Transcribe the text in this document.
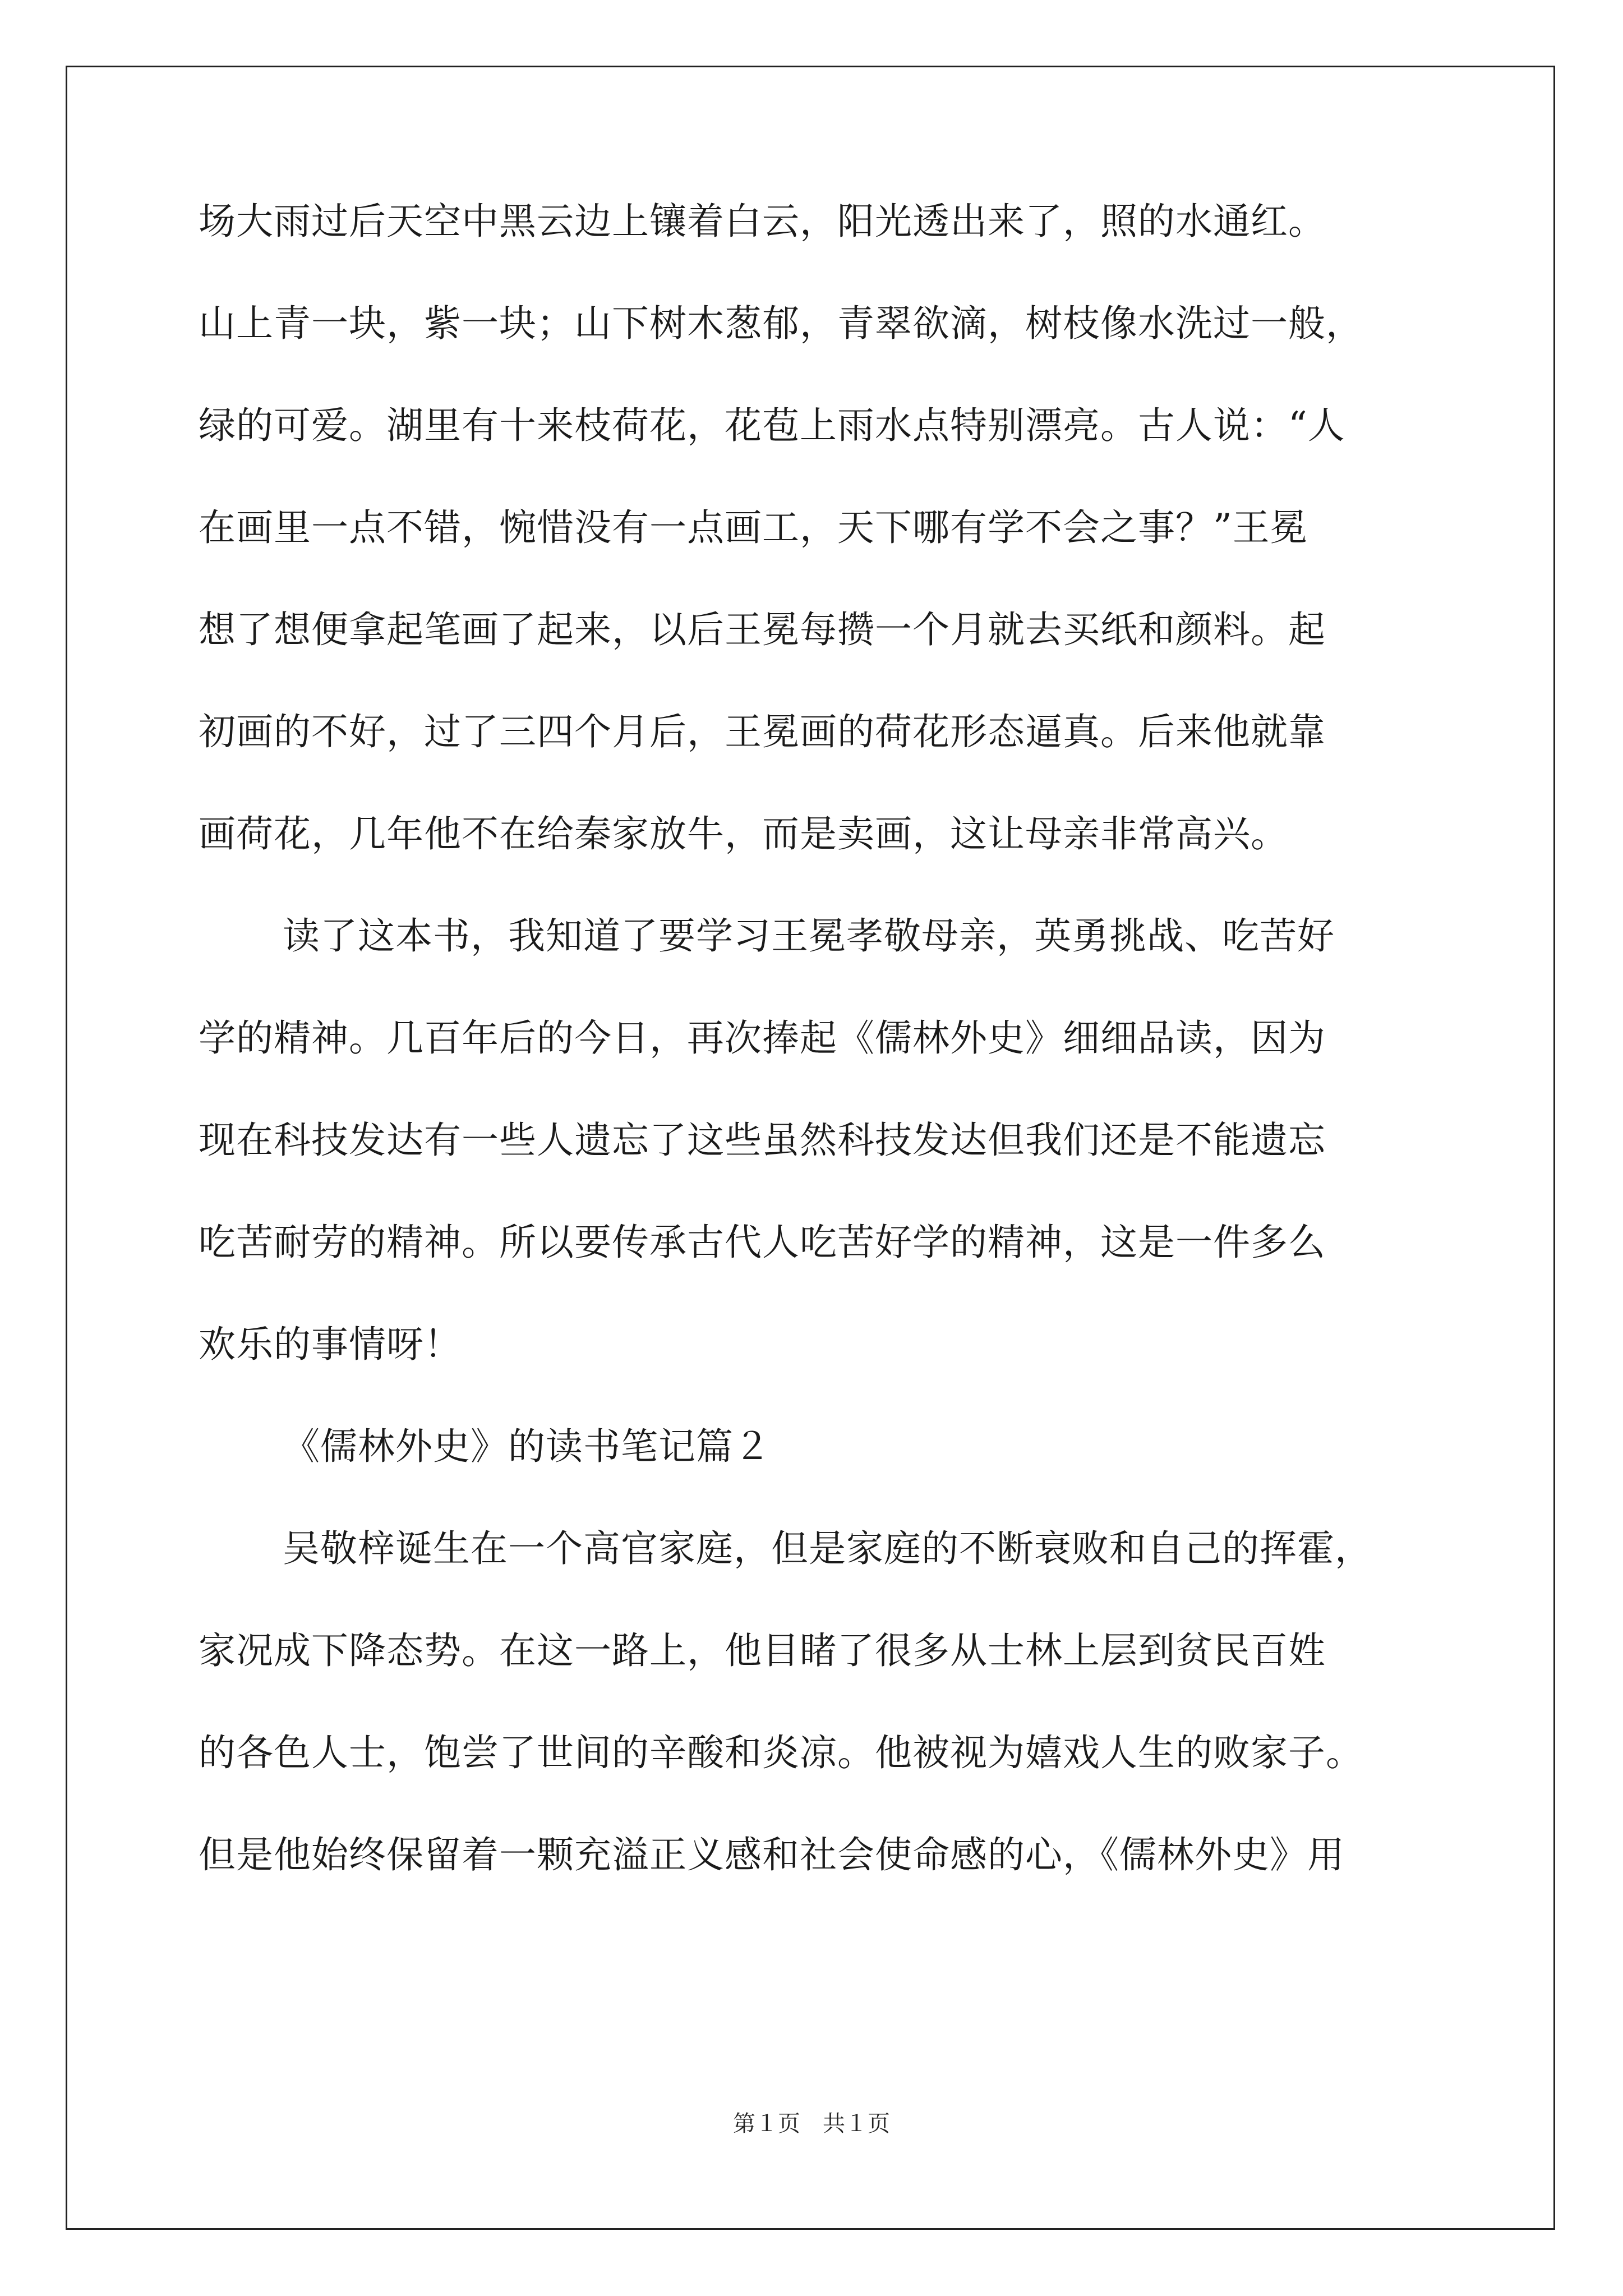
场大雨过后天空中黑云边上镶着白云，阳光透出来了，照的水通红。
山上青一块，紫一块；山下树木葱郁，青翠欲滴，树枝像水洗过一般，
绿的可爱。湖里有十来枝荷花，花苞上雨水点特别漂亮。古人说：“人
在画里一点不错，惋惜没有一点画工，天下哪有学不会之事？”王冕
想了想便拿起笔画了起来，以后王冕每攒一个月就去买纸和颜料。起
初画的不好，过了三四个月后，王冕画的荷花形态逼真。后来他就靠
画荷花，几年他不在给秦家放牛，而是卖画，这让母亲非常高兴。
读了这本书，我知道了要学习王冕孝敬母亲，英勇挑战、吃苦好
学的精神。几百年后的今日，再次捧起《儒林外史》细细品读，因为
现在科技发达有一些人遗忘了这些虽然科技发达但我们还是不能遗忘
吃苦耐劳的精神。所以要传承古代人吃苦好学的精神，这是一件多么
欢乐的事情呀！
《儒林外史》的读书笔记篇２
吴敬梓诞生在一个高官家庭，但是家庭的不断衰败和自己的挥霍，
家况成下降态势。在这一路上，他目睹了很多从士林上层到贫民百姓
的各色人士，饱尝了世间的辛酸和炎凉。他被视为嬉戏人生的败家子。
但是他始终保留着一颗充溢正义感和社会使命感的心，《儒林外史》用
第１页 共１页
